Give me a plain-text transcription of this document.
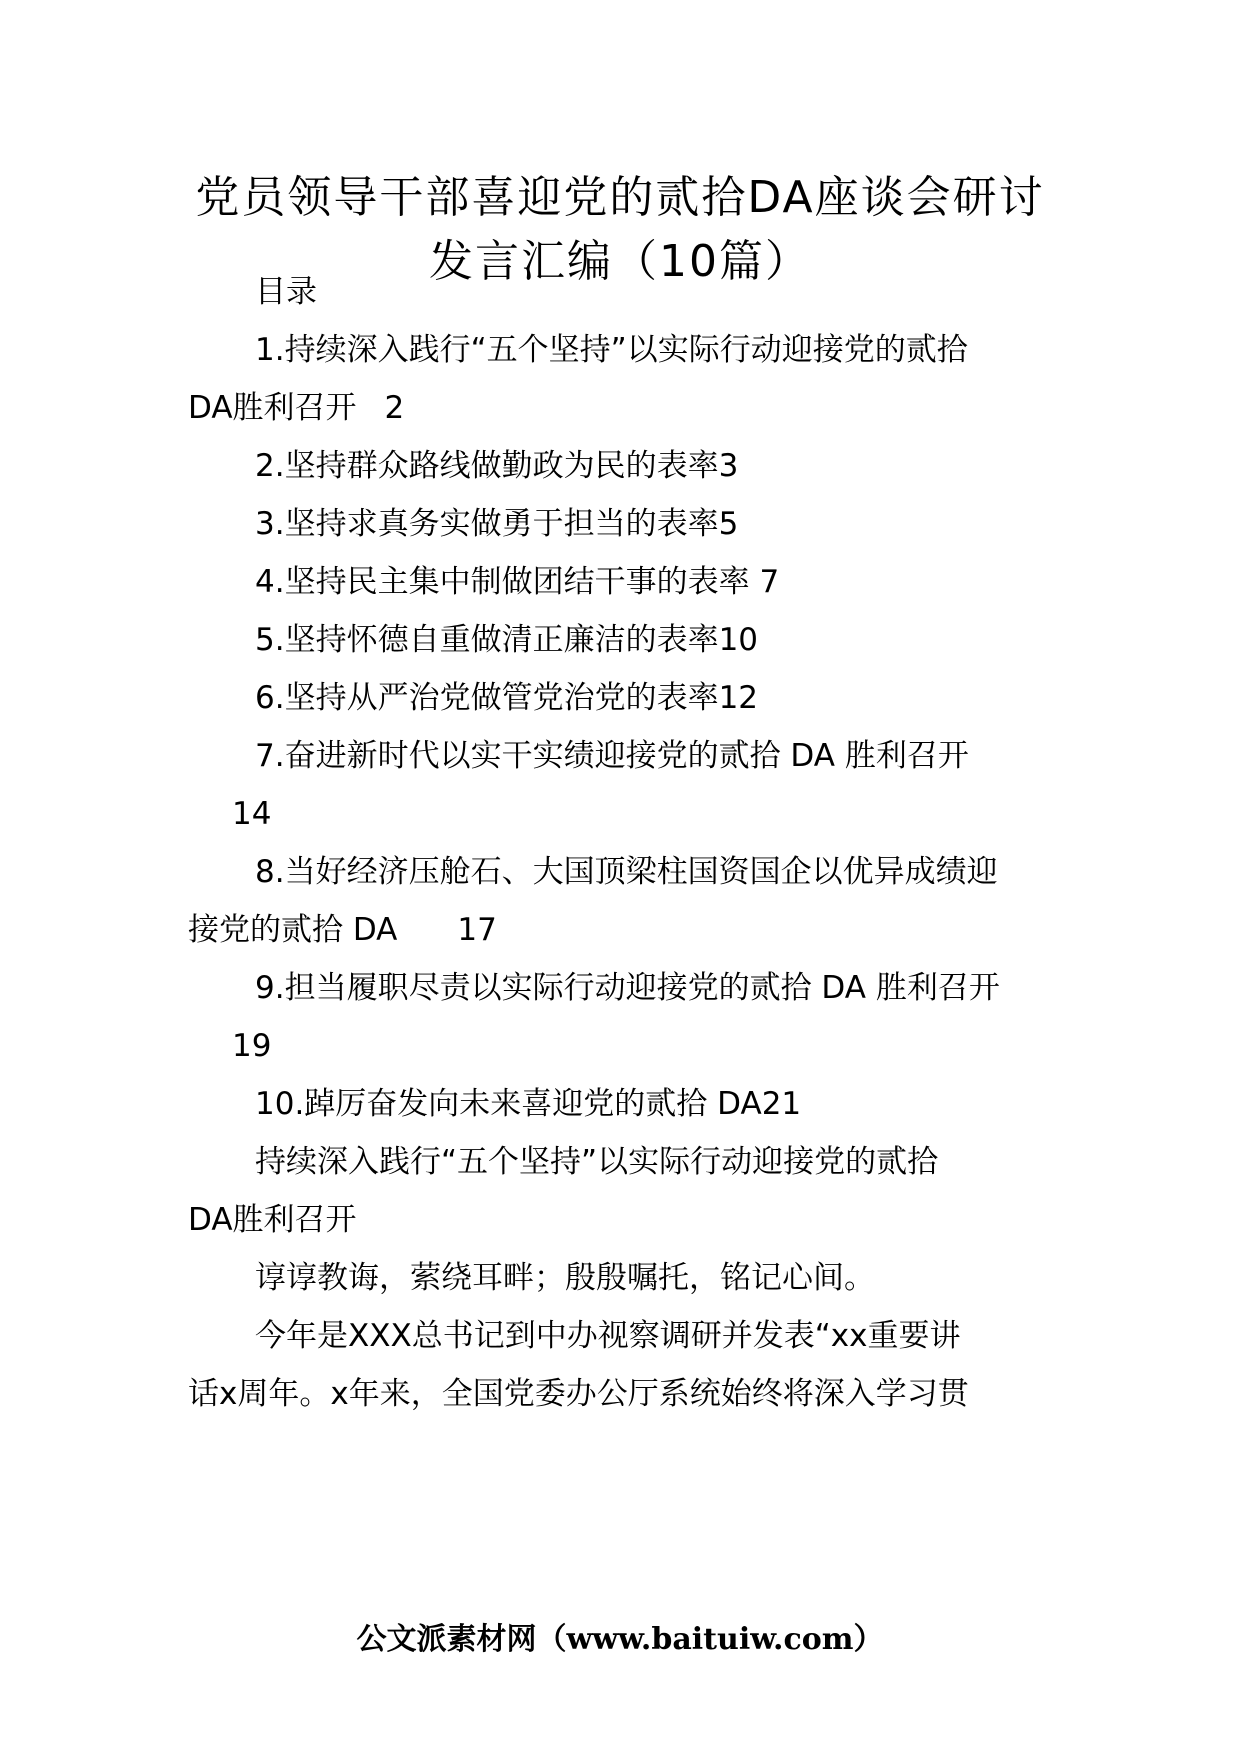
党员领导干部喜迎党的贰拾DA座谈会研讨
发言汇编（10篇）

目录

1.持续深入践行“五个坚持”以实际行动迎接党的贰拾

DA胜利召开 2

2.坚持群众路线做勤政为民的表率3

3.坚持求真务实做勇于担当的表率5

4.坚持民主集中制做团结干事的表率 7

5.坚持怀德自重做清正廉洁的表率10

6.坚持从严治党做管党治党的表率12

7.奋进新时代以实干实绩迎接党的贰拾 DA 胜利召开

14

8.当好经济压舱石、大国顶梁柱国资国企以优异成绩迎

接党的贰拾 DA 17

9.担当履职尽责以实际行动迎接党的贰拾 DA 胜利召开

19

10.踔厉奋发向未来喜迎党的贰拾 DA21

持续深入践行“五个坚持”以实际行动迎接党的贰拾

DA胜利召开

谆谆教诲，萦绕耳畔；殷殷嘱托，铭记心间。

今年是XXX总书记到中办视察调研并发表“xx重要讲

话x周年。x年来，全国党委办公厅系统始终将深入学习贯

公文派素材网（www.baituiw.com）
